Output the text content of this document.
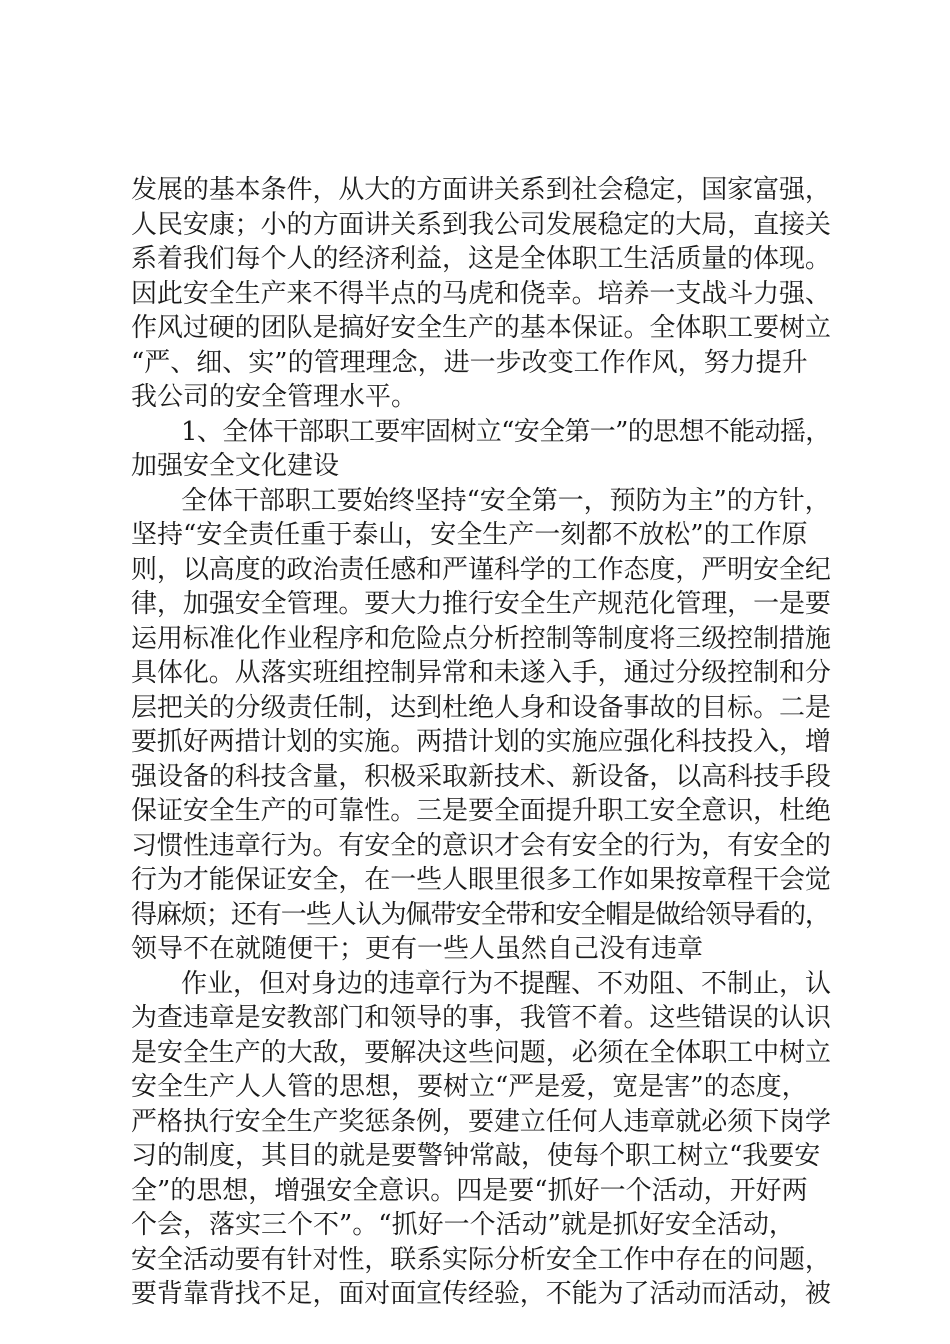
发展的基本条件，从大的方面讲关系到社会稳定，国家富强，
人民安康；小的方面讲关系到我公司发展稳定的大局，直接关
系着我们每个人的经济利益，这是全体职工生活质量的体现。
因此安全生产来不得半点的马虎和侥幸。培养一支战斗力强、
作风过硬的团队是搞好安全生产的基本保证。全体职工要树立
“严、细、实”的管理理念，进一步改变工作作风，努力提升
我公司的安全管理水平。
1、全体干部职工要牢固树立“安全第一”的思想不能动摇，
加强安全文化建设
全体干部职工要始终坚持“安全第一，预防为主”的方针，
坚持“安全责任重于泰山，安全生产一刻都不放松”的工作原
则，以高度的政治责任感和严谨科学的工作态度，严明安全纪
律，加强安全管理。要大力推行安全生产规范化管理，一是要
运用标准化作业程序和危险点分析控制等制度将三级控制措施
具体化。从落实班组控制异常和未遂入手，通过分级控制和分
层把关的分级责任制，达到杜绝人身和设备事故的目标。二是
要抓好两措计划的实施。两措计划的实施应强化科技投入，增
强设备的科技含量，积极采取新技术、新设备，以高科技手段
保证安全生产的可靠性。三是要全面提升职工安全意识，杜绝
习惯性违章行为。有安全的意识才会有安全的行为，有安全的
行为才能保证安全，在一些人眼里很多工作如果按章程干会觉
得麻烦；还有一些人认为佩带安全带和安全帽是做给领导看的，
领导不在就随便干；更有一些人虽然自己没有违章
作业，但对身边的违章行为不提醒、不劝阻、不制止，认
为查违章是安教部门和领导的事，我管不着。这些错误的认识
是安全生产的大敌，要解决这些问题，必须在全体职工中树立
安全生产人人管的思想，要树立“严是爱，宽是害”的态度，
严格执行安全生产奖惩条例，要建立任何人违章就必须下岗学
习的制度，其目的就是要警钟常敲，使每个职工树立“我要安
全”的思想，增强安全意识。四是要“抓好一个活动，开好两
个会，落实三个不”。“抓好一个活动”就是抓好安全活动，
安全活动要有针对性，联系实际分析安全工作中存在的问题，
要背靠背找不足，面对面宣传经验，不能为了活动而活动，被
